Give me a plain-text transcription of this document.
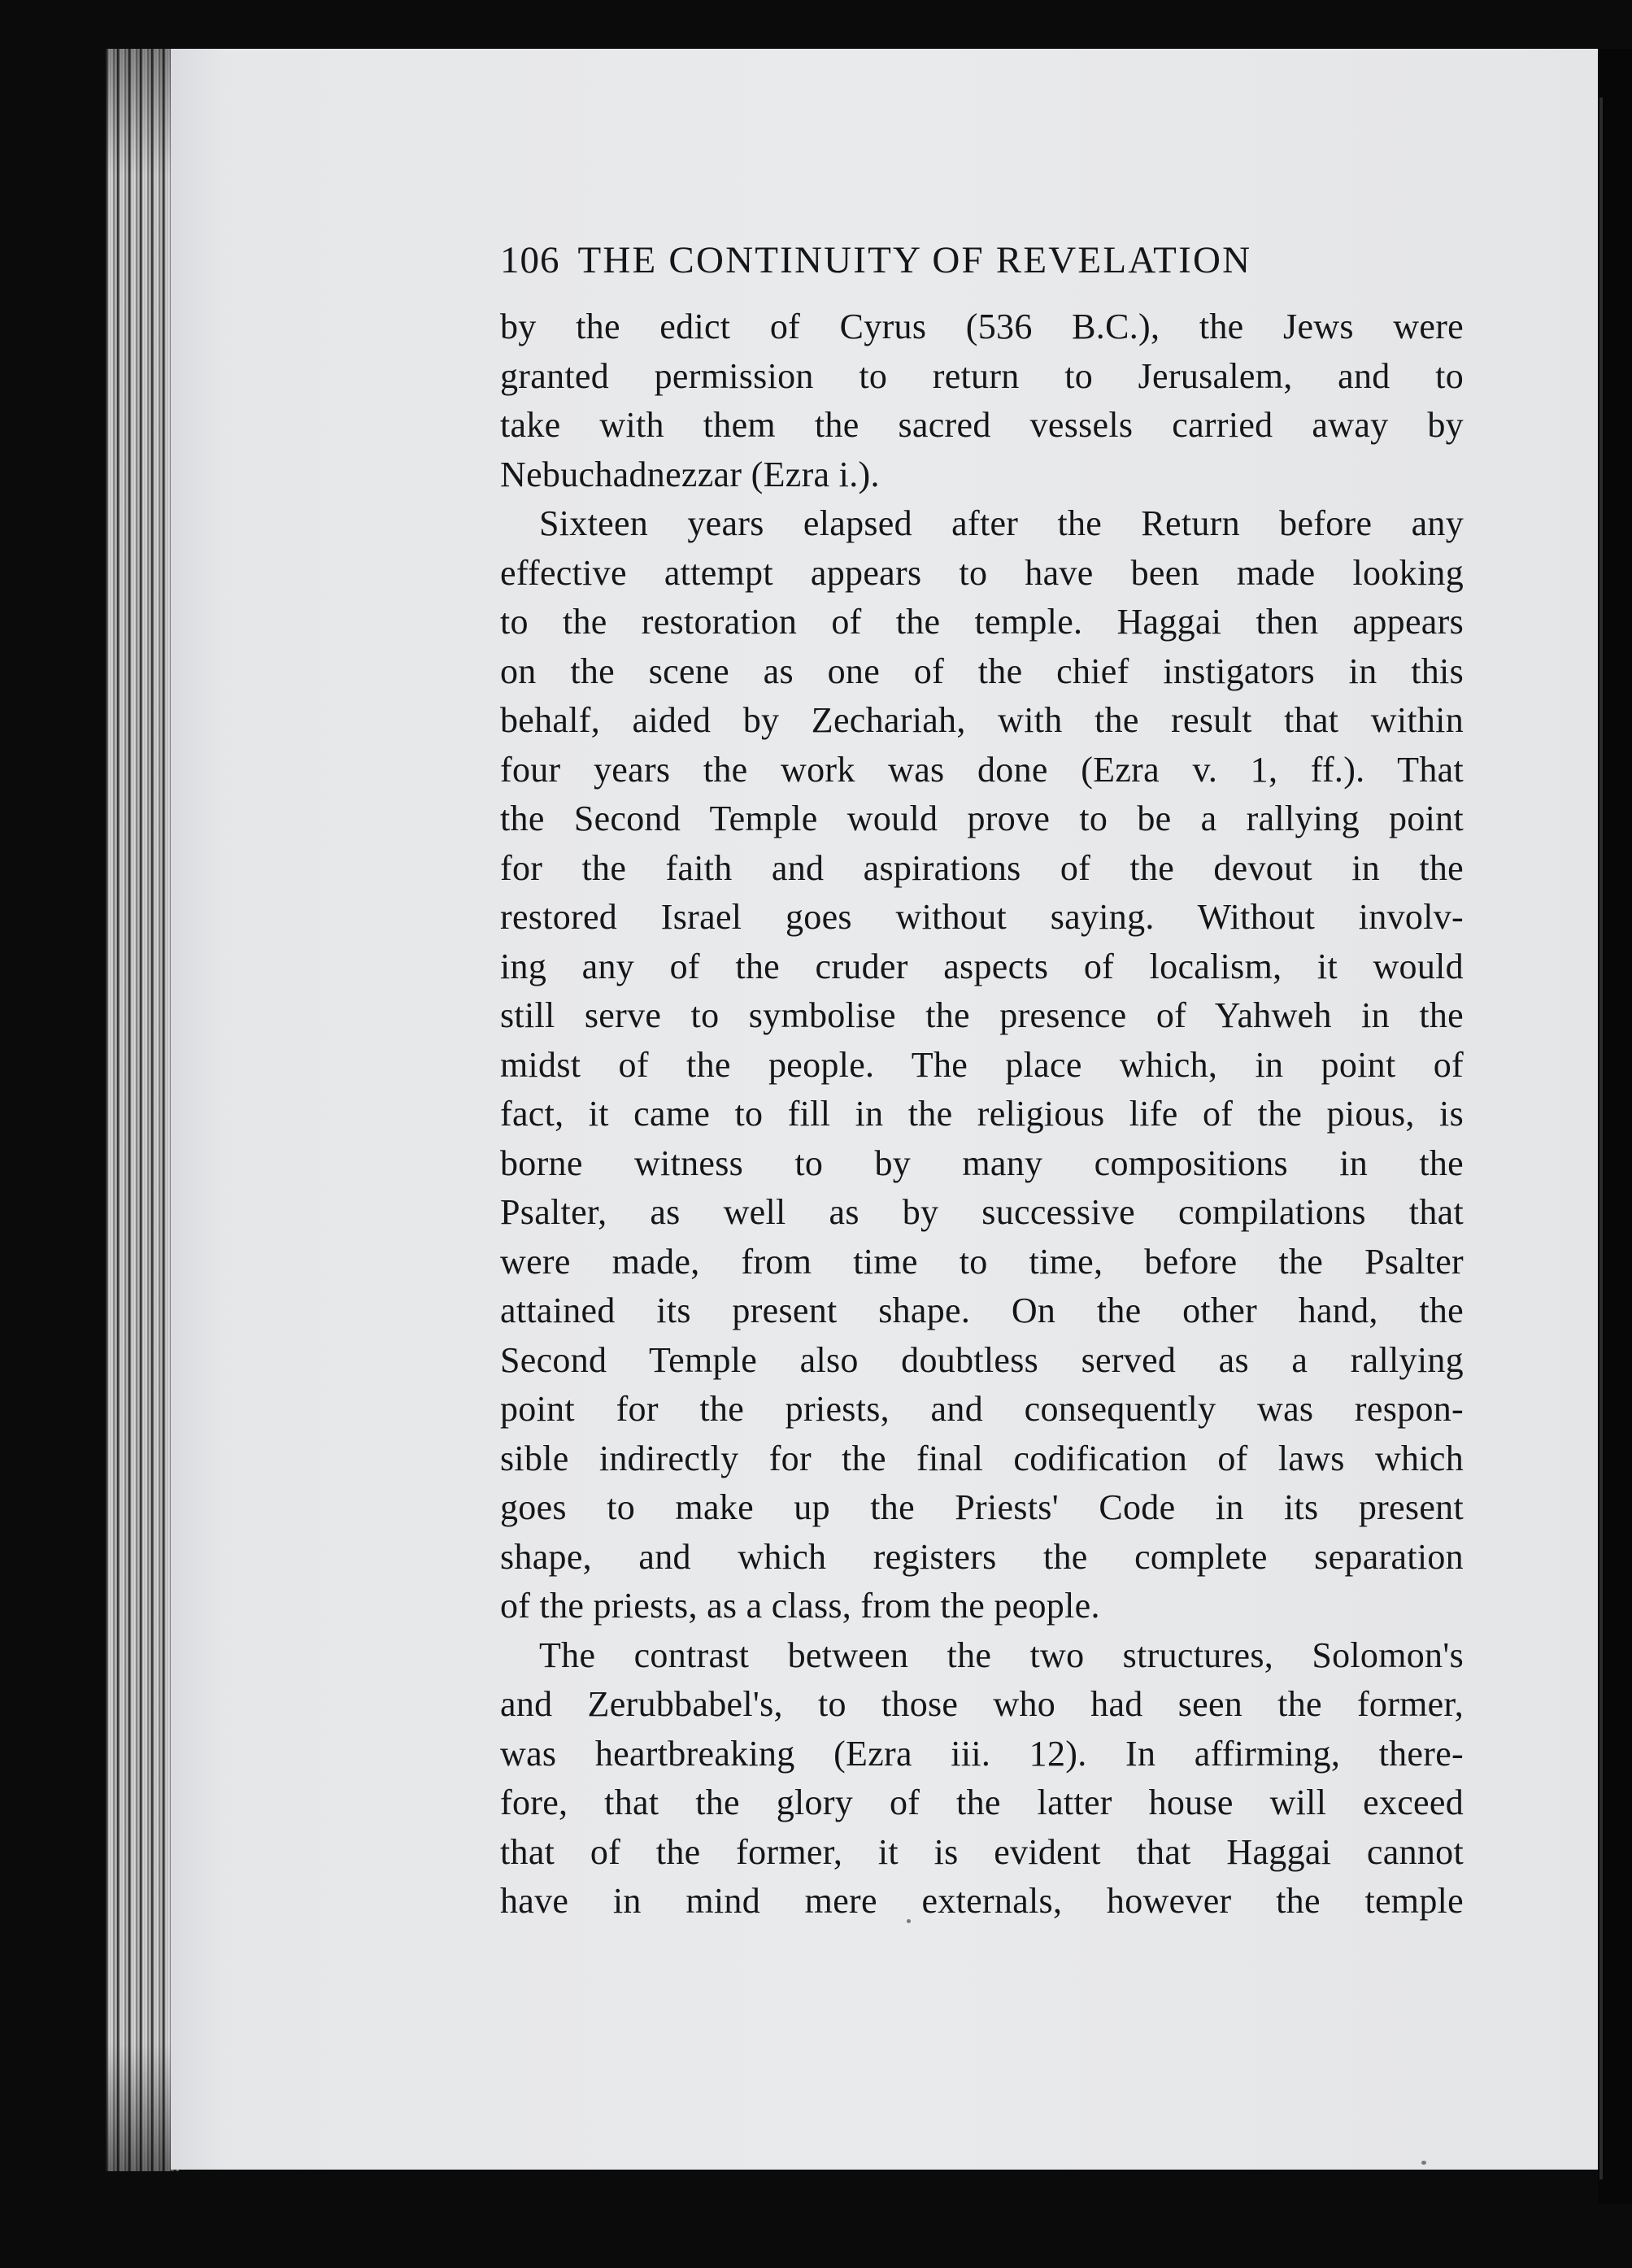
106 THE CONTINUITY OF REVELATION
by the edict of Cyrus (536 B.C.), the Jews were
granted permission to return to Jerusalem, and to
take with them the sacred vessels carried away by
Nebuchadnezzar (Ezra i.).
Sixteen years elapsed after the Return before any
effective attempt appears to have been made looking
to the restoration of the temple. Haggai then appears
on the scene as one of the chief instigators in this
behalf, aided by Zechariah, with the result that within
four years the work was done (Ezra v. 1, ff.). That
the Second Temple would prove to be a rallying point
for the faith and aspirations of the devout in the
restored Israel goes without saying. Without involv-
ing any of the cruder aspects of localism, it would
still serve to symbolise the presence of Yahweh in the
midst of the people. The place which, in point of
fact, it came to fill in the religious life of the pious, is
borne witness to by many compositions in the
Psalter, as well as by successive compilations that
were made, from time to time, before the Psalter
attained its present shape. On the other hand, the
Second Temple also doubtless served as a rallying
point for the priests, and consequently was respon-
sible indirectly for the final codification of laws which
goes to make up the Priests' Code in its present
shape, and which registers the complete separation
of the priests, as a class, from the people.
The contrast between the two structures, Solomon's
and Zerubbabel's, to those who had seen the former,
was heartbreaking (Ezra iii. 12). In affirming, there-
fore, that the glory of the latter house will exceed
that of the former, it is evident that Haggai cannot
have in mind mere externals, however the temple
